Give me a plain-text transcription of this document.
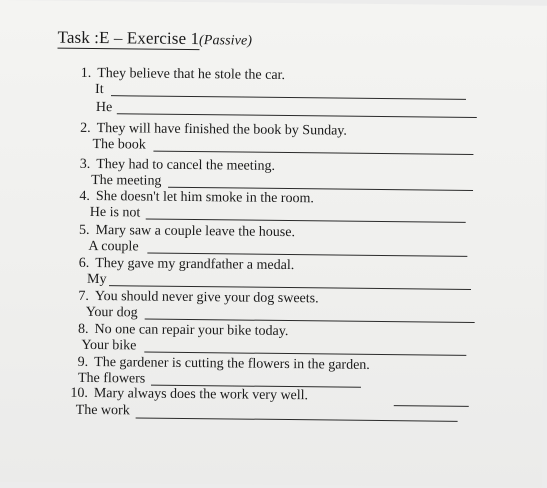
Task :E – Exercise 1(Passive)
1. They believe that he stole the car.
It
He
2. They will have finished the book by Sunday.
The book
3. They had to cancel the meeting.
The meeting
4. She doesn't let him smoke in the room.
He is not
5. Mary saw a couple leave the house.
A couple
6. They gave my grandfather a medal.
My
7. You should never give your dog sweets.
Your dog
8. No one can repair your bike today.
Your bike
9. The gardener is cutting the flowers in the garden.
The flowers
10. Mary always does the work very well.
The work
